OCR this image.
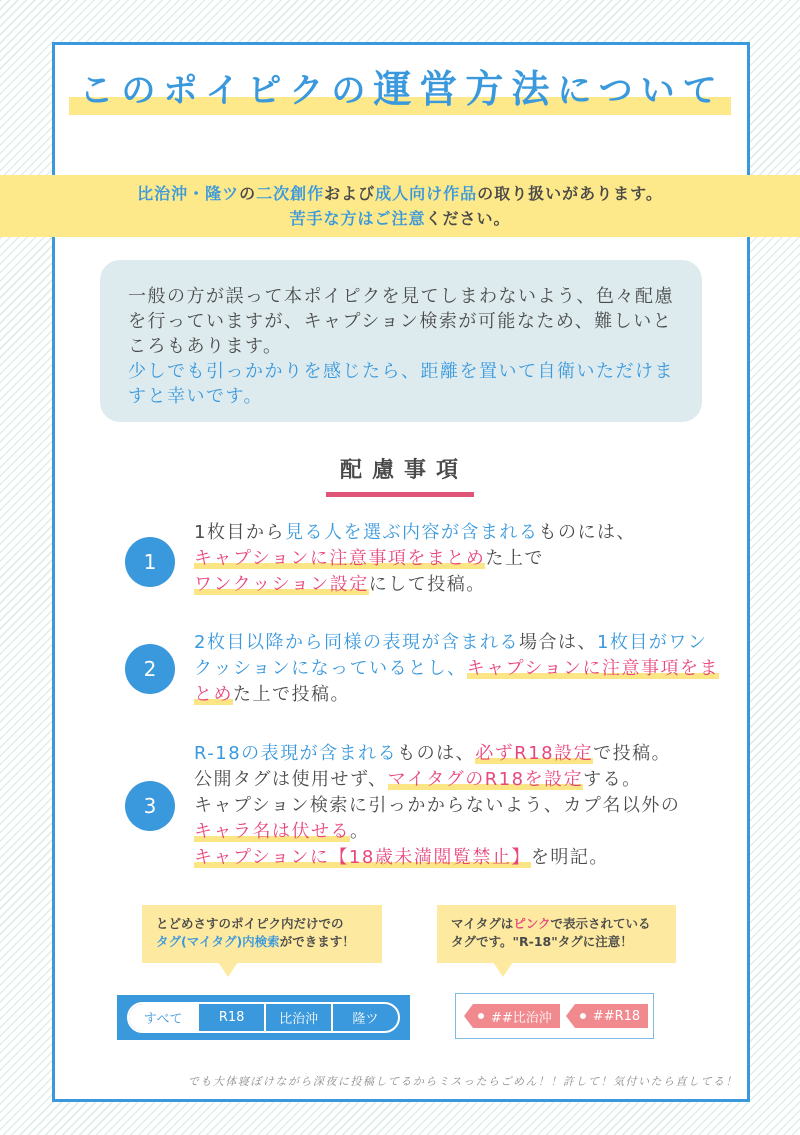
このポイピクの運営方法について
比治沖・隆ツの二次創作および成人向け作品の取り扱いがあります。
苦手な方はご注意ください。
一般の方が誤って本ポイピクを見てしまわないよう、色々配慮を行っていますが、キャプション検索が可能なため、難しいところもあります。
少しでも引っかかりを感じたら、距離を置いて自衛いただけますと幸いです。
配慮事項
1
1枚目から見る人を選ぶ内容が含まれるものには、
キャプションに注意事項をまとめた上で
ワンクッション設定にして投稿。
2
2枚目以降から同様の表現が含まれる場合は、1枚目がワンクッションになっているとし、キャプションに注意事項をまとめた上で投稿。
3
R-18の表現が含まれるものは、必ずR18設定で投稿。
公開タグは使用せず、マイタグのR18を設定する。
キャプション検索に引っかからないよう、カプ名以外の
キャラ名は伏せる。
キャプションに【18歳未満閲覧禁止】を明記。
とどめさすのポイピク内だけでの
タグ(マイタグ)内検索ができます！
マイタグはピンクで表示されている
タグです。"R-18"タグに注意！
すべて	R18	比治沖	隆ツ	##比治沖	##R18
でも大体寝ぼけながら深夜に投稿してるからミスったらごめん！！許して！気付いたら直してる！
